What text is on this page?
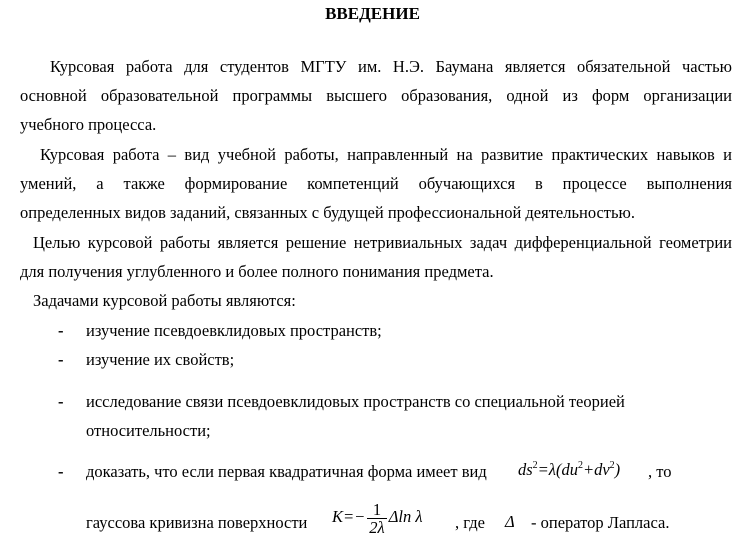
ВВЕДЕНИЕ
Курсовая работа для студентов МГТУ им. Н.Э. Баумана является обязательной частью
основной образовательной программы высшего образования, одной из форм организации
учебного процесса.
Курсовая работа – вид учебной работы, направленный на развитие практических навыков и
умений, а также формирование компетенций обучающихся в процессе выполнения
определенных видов заданий, связанных с будущей профессиональной деятельностью.
Целью курсовой работы является решение нетривиальных задач дифференциальной геометрии
для получения углубленного и более полного понимания предмета.
Задачами курсовой работы являются:
- изучение псевдоевклидовых пространств;
- изучение их свойств;
- исследование связи псевдоевклидовых пространств со специальной теорией
относительности;
- доказать, что если первая квадратичная форма имеет вид $ds^2=\lambda(du^2+dv^2)$ , то
гауссова кривизна поверхности $K=- \frac{1}{2\lambda}$ Δln λ , где Δ - оператор Лапласа.
